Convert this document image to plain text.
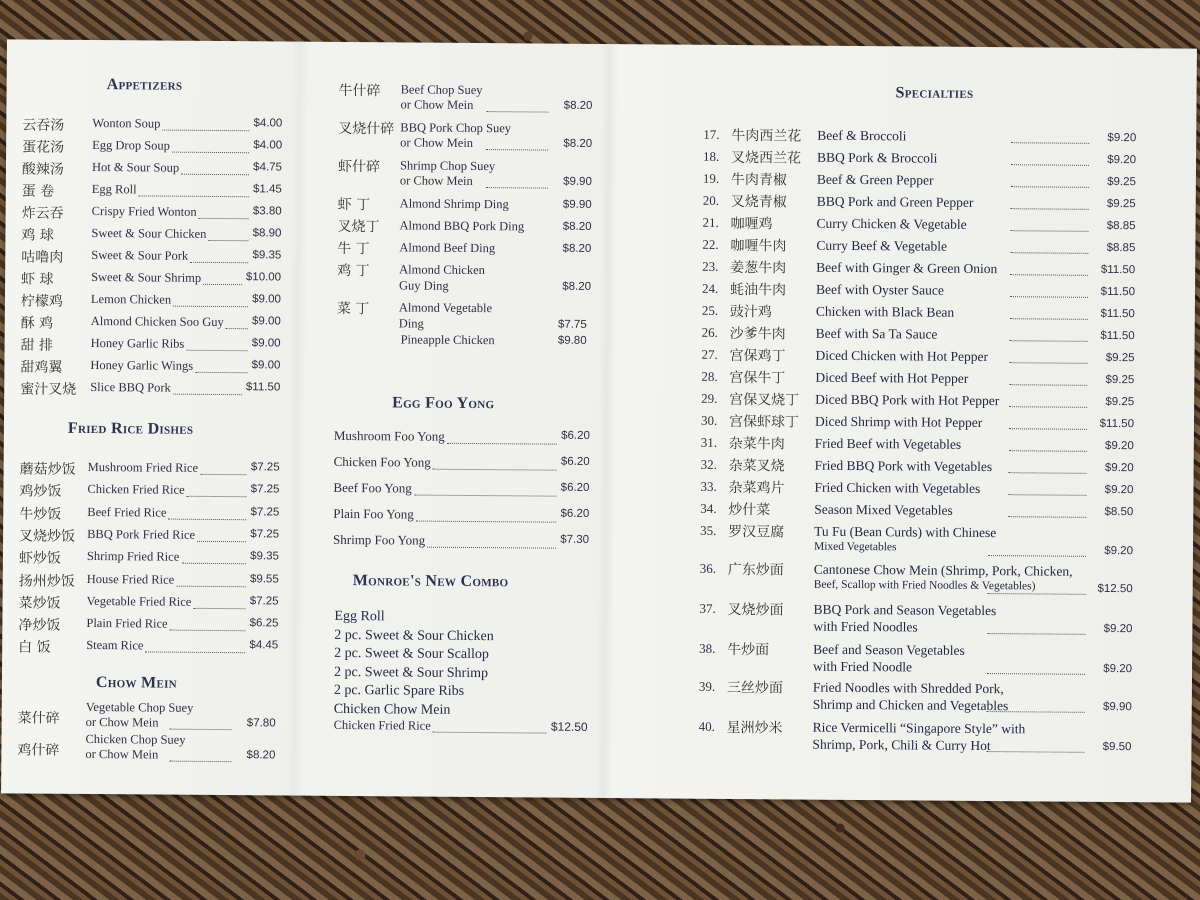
Appetizers
云吞汤 Wonton Soup	$4.00
蛋花汤 Egg Drop Soup	$4.00
酸辣汤 Hot & Sour Soup	$4.75
蛋 卷	Egg Roll	$1.45
炸云吞 Crispy Fried Wonton	$3.80
鸡 球	Sweet & Sour Chicken	$8.90
咕噜肉 Sweet & Sour Pork	$9.35
虾 球	Sweet & Sour Shrimp	$10.00
柠檬鸡 Lemon Chicken	$9.00
酥 鸡	Almond Chicken Soo Guy $9.00
甜 排	Honey Garlic Ribs	$9.00
甜鸡翼 Honey Garlic Wings	$9.00
蜜汁叉烧 Slice BBQ Pork	$11.50
Fried Rice Dishes
蘑菇炒饭 Mushroom Fried Rice	$7.25
鸡炒饭 Chicken Fried Rice	$7.25
牛炒饭 Beef Fried Rice	$7.25
叉烧炒饭 BBQ Pork Fried Rice	$7.25
虾炒饭 Shrimp Fried Rice	$9.35
扬州炒饭 House Fried Rice	$9.55
菜炒饭 Vegetable Fried Rice	$7.25
净炒饭 Plain Fried Rice	$6.25
白 饭	Steam Rice	$4.45
Chow Mein
菜什碎
Vegetable Chop Suey
or Chow Mein	$7.80
鸡什碎
Chicken Chop Suey
or Chow Mein	$8.20
牛什碎 Beef Chop Suey
or Chow Mein	$8.20
叉烧什碎 BBQ Pork Chop Suey
or Chow Mein	$8.20
虾什碎 Shrimp Chop Suey
or Chow Mein	$9.90
虾 丁 Almond Shrimp Ding	$9.90
叉烧丁 Almond BBQ Pork Ding	$8.20
牛 丁 Almond Beef Ding	$8.20
鸡 丁 Almond Chicken
Guy Ding	$8.20
菜 丁 Almond Vegetable
Ding	$7.75
Pineapple Chicken	$9.80
Egg Foo Yong
Mushroom Foo Yong	$6.20
Chicken Foo Yong	$6.20
Beef Foo Yong	$6.20
Plain Foo Yong	$6.20
Shrimp Foo Yong	$7.30
Monroe's New Combo
Egg Roll
2 pc. Sweet & Sour Chicken
2 pc. Sweet & Sour Scallop
2 pc. Sweet & Sour Shrimp
2 pc. Garlic Spare Ribs
Chicken Chow Mein
Chicken Fried Rice	$12.50
Specialties
17. 牛肉西兰花 Beef & Broccoli	$9.20
18. 叉烧西兰花 BBQ Pork & Broccoli	$9.20
19. 牛肉青椒 Beef & Green Pepper	$9.25
20. 叉烧青椒 BBQ Pork and Green Pepper	$9.25
21. 咖喱鸡	Curry Chicken & Vegetable	$8.85
22. 咖喱牛肉 Curry Beef & Vegetable	$8.85
23. 姜葱牛肉 Beef with Ginger & Green Onion	$11.50
24. 蚝油牛肉 Beef with Oyster Sauce	$11.50
25. 豉汁鸡	Chicken with Black Bean	$11.50
26. 沙爹牛肉 Beef with Sa Ta Sauce	$11.50
27. 宫保鸡丁 Diced Chicken with Hot Pepper	$9.25
28. 宫保牛丁 Diced Beef with Hot Pepper	$9.25
29. 宫保叉烧丁 Diced BBQ Pork with Hot Pepper	$9.25
30. 宫保虾球丁 Diced Shrimp with Hot Pepper	$11.50
31. 杂菜牛肉 Fried Beef with Vegetables	$9.20
32. 杂菜叉烧 Fried BBQ Pork with Vegetables	$9.20
33. 杂菜鸡片 Fried Chicken with Vegetables	$9.20
34. 炒什菜	Season Mixed Vegetables	$8.50
35. 罗汉豆腐 Tu Fu (Bean Curds) with Chinese
Mixed Vegetables	$9.20
36. 广东炒面 Cantonese Chow Mein (Shrimp, Pork, Chicken,
Beef, Scallop with Fried Noodles & Vegetables)	$12.50
37. 叉烧炒面 BBQ Pork and Season Vegetables
with Fried Noodles	$9.20
38. 牛炒面	Beef and Season Vegetables
with Fried Noodle	$9.20
39. 三丝炒面 Fried Noodles with Shredded Pork,
Shrimp and Chicken and Vegetables	$9.90
40. 星洲炒米 Rice Vermicelli “Singapore Style” with
Shrimp, Pork, Chili & Curry Hot	$9.50
